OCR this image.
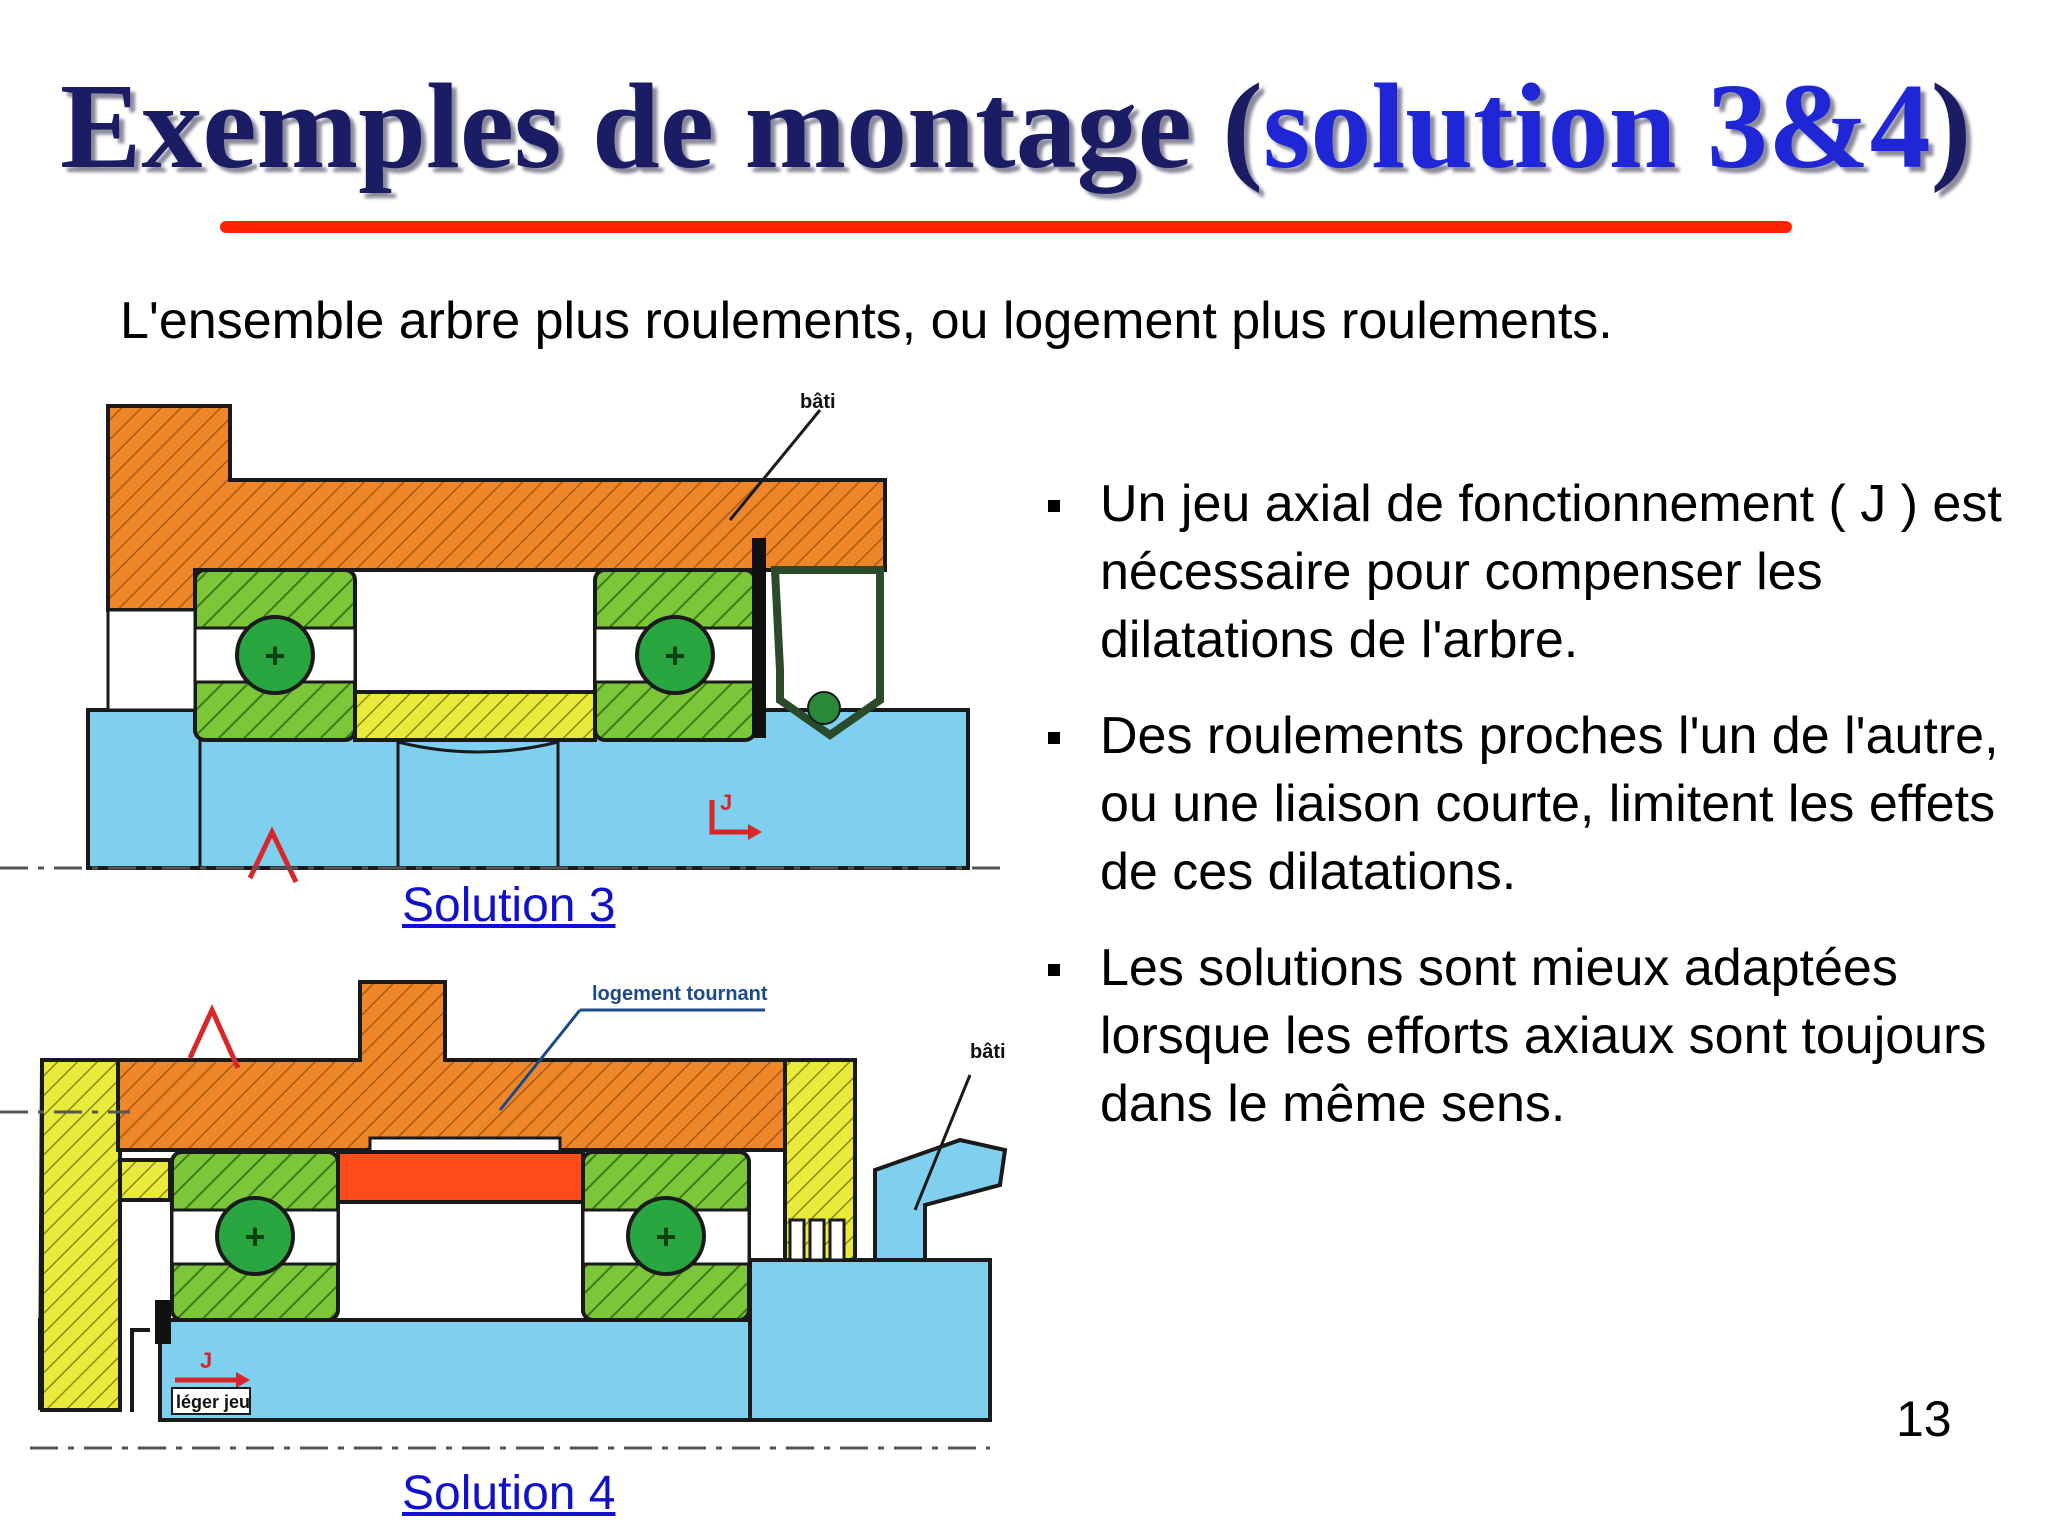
Exemples de montage (solution 3&4)
L'ensemble arbre plus roulements, ou logement plus roulements.
+	+
bâti
J
Solution 3
+	+
logement tournant
bâti
J
léger jeu
Solution 4
Un jeu axial de fonctionnement ( J ) est nécessaire pour compenser les dilatations de l'arbre.
Des roulements proches l'un de l'autre, ou une liaison courte, limitent les effets de ces dilatations.
Les solutions sont mieux adaptées lorsque les efforts axiaux sont toujours dans le même sens.
13
